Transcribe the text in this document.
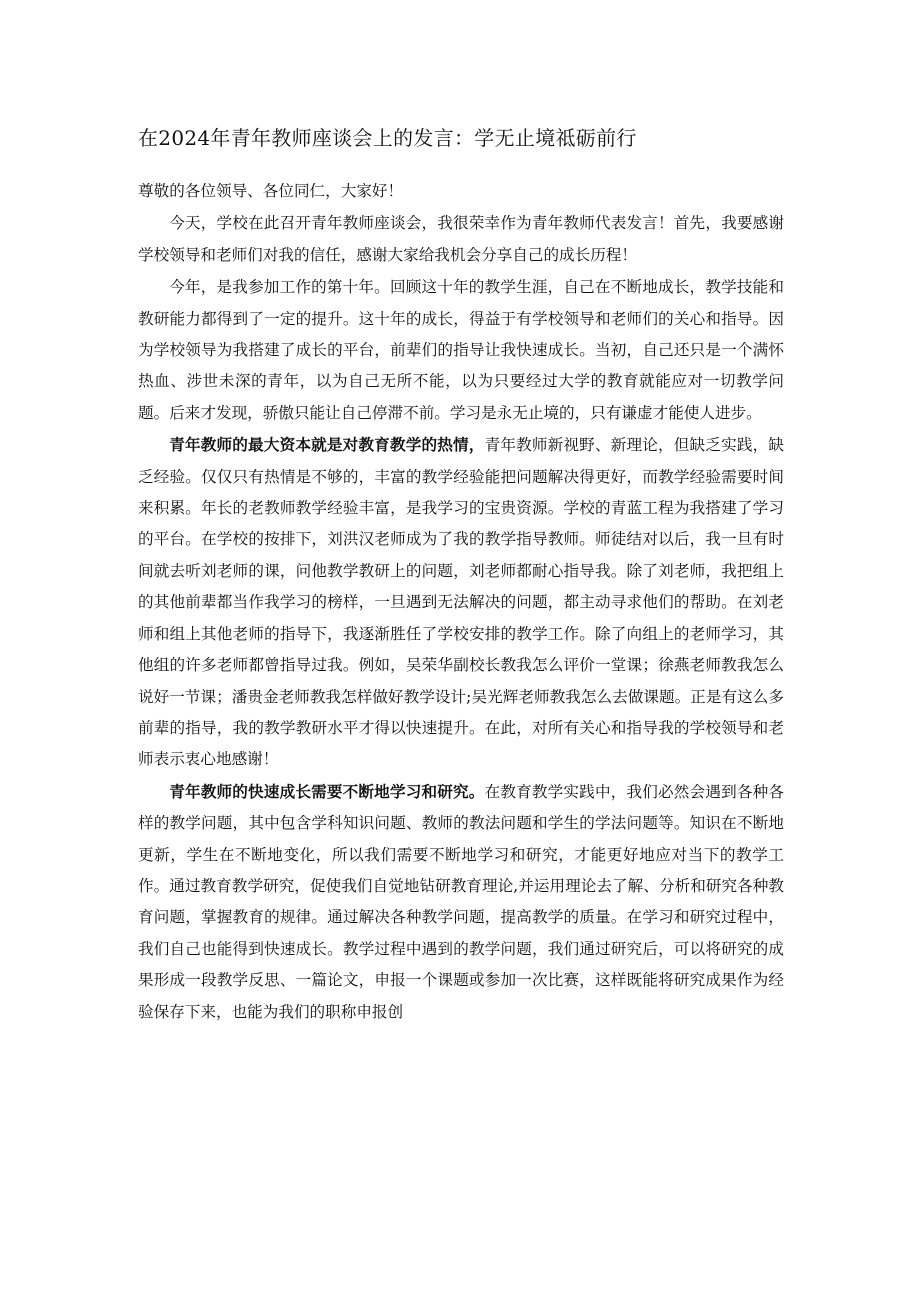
在2024年青年教师座谈会上的发言：学无止境祗砺前行

尊敬的各位领导、各位同仁，大家好！

今天，学校在此召开青年教师座谈会，我很荣幸作为青年教师代表发言！首先，我要感谢学校领导和老师们对我的信任，感谢大家给我机会分享自己的成长历程！

今年，是我参加工作的第十年。回顾这十年的教学生涯，自己在不断地成长，教学技能和教研能力都得到了一定的提升。这十年的成长，得益于有学校领导和老师们的关心和指导。因为学校领导为我搭建了成长的平台，前辈们的指导让我快速成长。当初，自己还只是一个满怀热血、涉世未深的青年，以为自己无所不能，以为只要经过大学的教育就能应对一切教学问题。后来才发现，骄傲只能让自己停滞不前。学习是永无止境的，只有谦虚才能使人进步。

青年教师的最大资本就是对教育教学的热情，青年教师新视野、新理论，但缺乏实践，缺乏经验。仅仅只有热情是不够的，丰富的教学经验能把问题解决得更好，而教学经验需要时间来积累。年长的老教师教学经验丰富，是我学习的宝贵资源。学校的青蓝工程为我搭建了学习的平台。在学校的按排下，刘洪汉老师成为了我的教学指导教师。师徒结对以后，我一旦有时间就去听刘老师的课，问他教学教研上的问题，刘老师都耐心指导我。除了刘老师，我把组上的其他前辈都当作我学习的榜样，一旦遇到无法解决的问题，都主动寻求他们的帮助。在刘老师和组上其他老师的指导下，我逐渐胜任了学校安排的教学工作。除了向组上的老师学习，其他组的许多老师都曾指导过我。例如，吴荣华副校长教我怎么评价一堂课；徐燕老师教我怎么说好一节课；潘贵金老师教我怎样做好教学设计;吴光辉老师教我怎么去做课题。正是有这么多前辈的指导，我的教学教研水平才得以快速提升。在此，对所有关心和指导我的学校领导和老师表示衷心地感谢！

青年教师的快速成长需要不断地学习和研究。在教育教学实践中，我们必然会遇到各种各样的教学问题，其中包含学科知识问题、教师的教法问题和学生的学法问题等。知识在不断地更新，学生在不断地变化，所以我们需要不断地学习和研究，才能更好地应对当下的教学工作。通过教育教学研究，促使我们自觉地钻研教育理论,并运用理论去了解、分析和研究各种教育问题，掌握教育的规律。通过解决各种教学问题，提高教学的质量。在学习和研究过程中，我们自己也能得到快速成长。教学过程中遇到的教学问题，我们通过研究后，可以将研究的成果形成一段教学反思、一篇论文，申报一个课题或参加一次比赛，这样既能将研究成果作为经验保存下来，也能为我们的职称申报创
